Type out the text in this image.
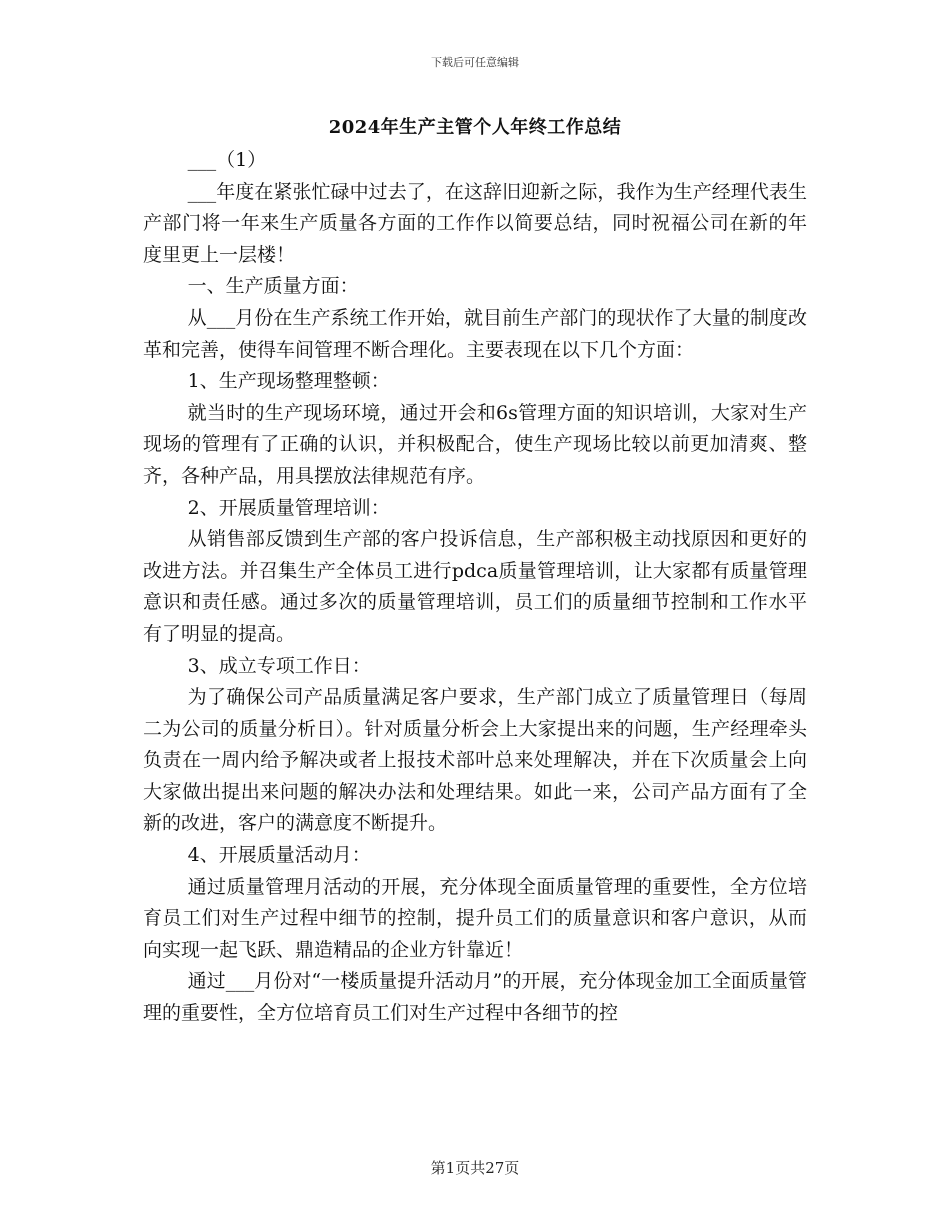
下载后可任意编辑
2024年生产主管个人年终工作总结

___（1）

___年度在紧张忙碌中过去了，在这辞旧迎新之际，我作为生产经理代表生产部门将一年来生产质量各方面的工作作以简要总结，同时祝福公司在新的年度里更上一层楼！

一、生产质量方面：

从___月份在生产系统工作开始，就目前生产部门的现状作了大量的制度改革和完善，使得车间管理不断合理化。主要表现在以下几个方面：

1、生产现场整理整顿：

就当时的生产现场环境，通过开会和6s管理方面的知识培训，大家对生产现场的管理有了正确的认识，并积极配合，使生产现场比较以前更加清爽、整齐，各种产品，用具摆放法律规范有序。

2、开展质量管理培训：

从销售部反馈到生产部的客户投诉信息，生产部积极主动找原因和更好的改进方法。并召集生产全体员工进行pdca质量管理培训，让大家都有质量管理意识和责任感。通过多次的质量管理培训，员工们的质量细节控制和工作水平有了明显的提高。

3、成立专项工作日：

为了确保公司产品质量满足客户要求，生产部门成立了质量管理日（每周二为公司的质量分析日）。针对质量分析会上大家提出来的问题，生产经理牵头负责在一周内给予解决或者上报技术部叶总来处理解决，并在下次质量会上向大家做出提出来问题的解决办法和处理结果。如此一来，公司产品方面有了全新的改进，客户的满意度不断提升。

4、开展质量活动月：

通过质量管理月活动的开展，充分体现全面质量管理的重要性，全方位培育员工们对生产过程中细节的控制，提升员工们的质量意识和客户意识，从而向实现一起飞跃、鼎造精品的企业方针靠近！

通过___月份对“一楼质量提升活动月”的开展，充分体现金加工全面质量管理的重要性，全方位培育员工们对生产过程中各细节的控

第1页共27页
